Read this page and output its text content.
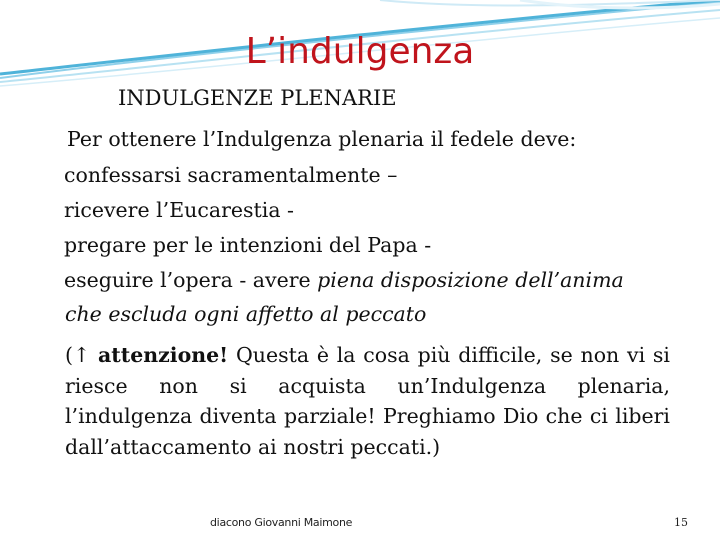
L’indulgenza
INDULGENZE PLENARIE
Per ottenere l’Indulgenza plenaria il fedele deve:
confessarsi sacramentalmente –
ricevere l’Eucarestia -
pregare per le intenzioni del Papa -
eseguire l’opera - avere piena disposizione dell’anima
che escluda ogni affetto al peccato
(↑ attenzione! Questa è la cosa più difficile, se non vi si riesce non si acquista un’Indulgenza plenaria, l’indulgenza diventa parziale! Preghiamo Dio che ci liberi dall’attaccamento ai nostri peccati.)
diacono Giovanni Maimone	15
